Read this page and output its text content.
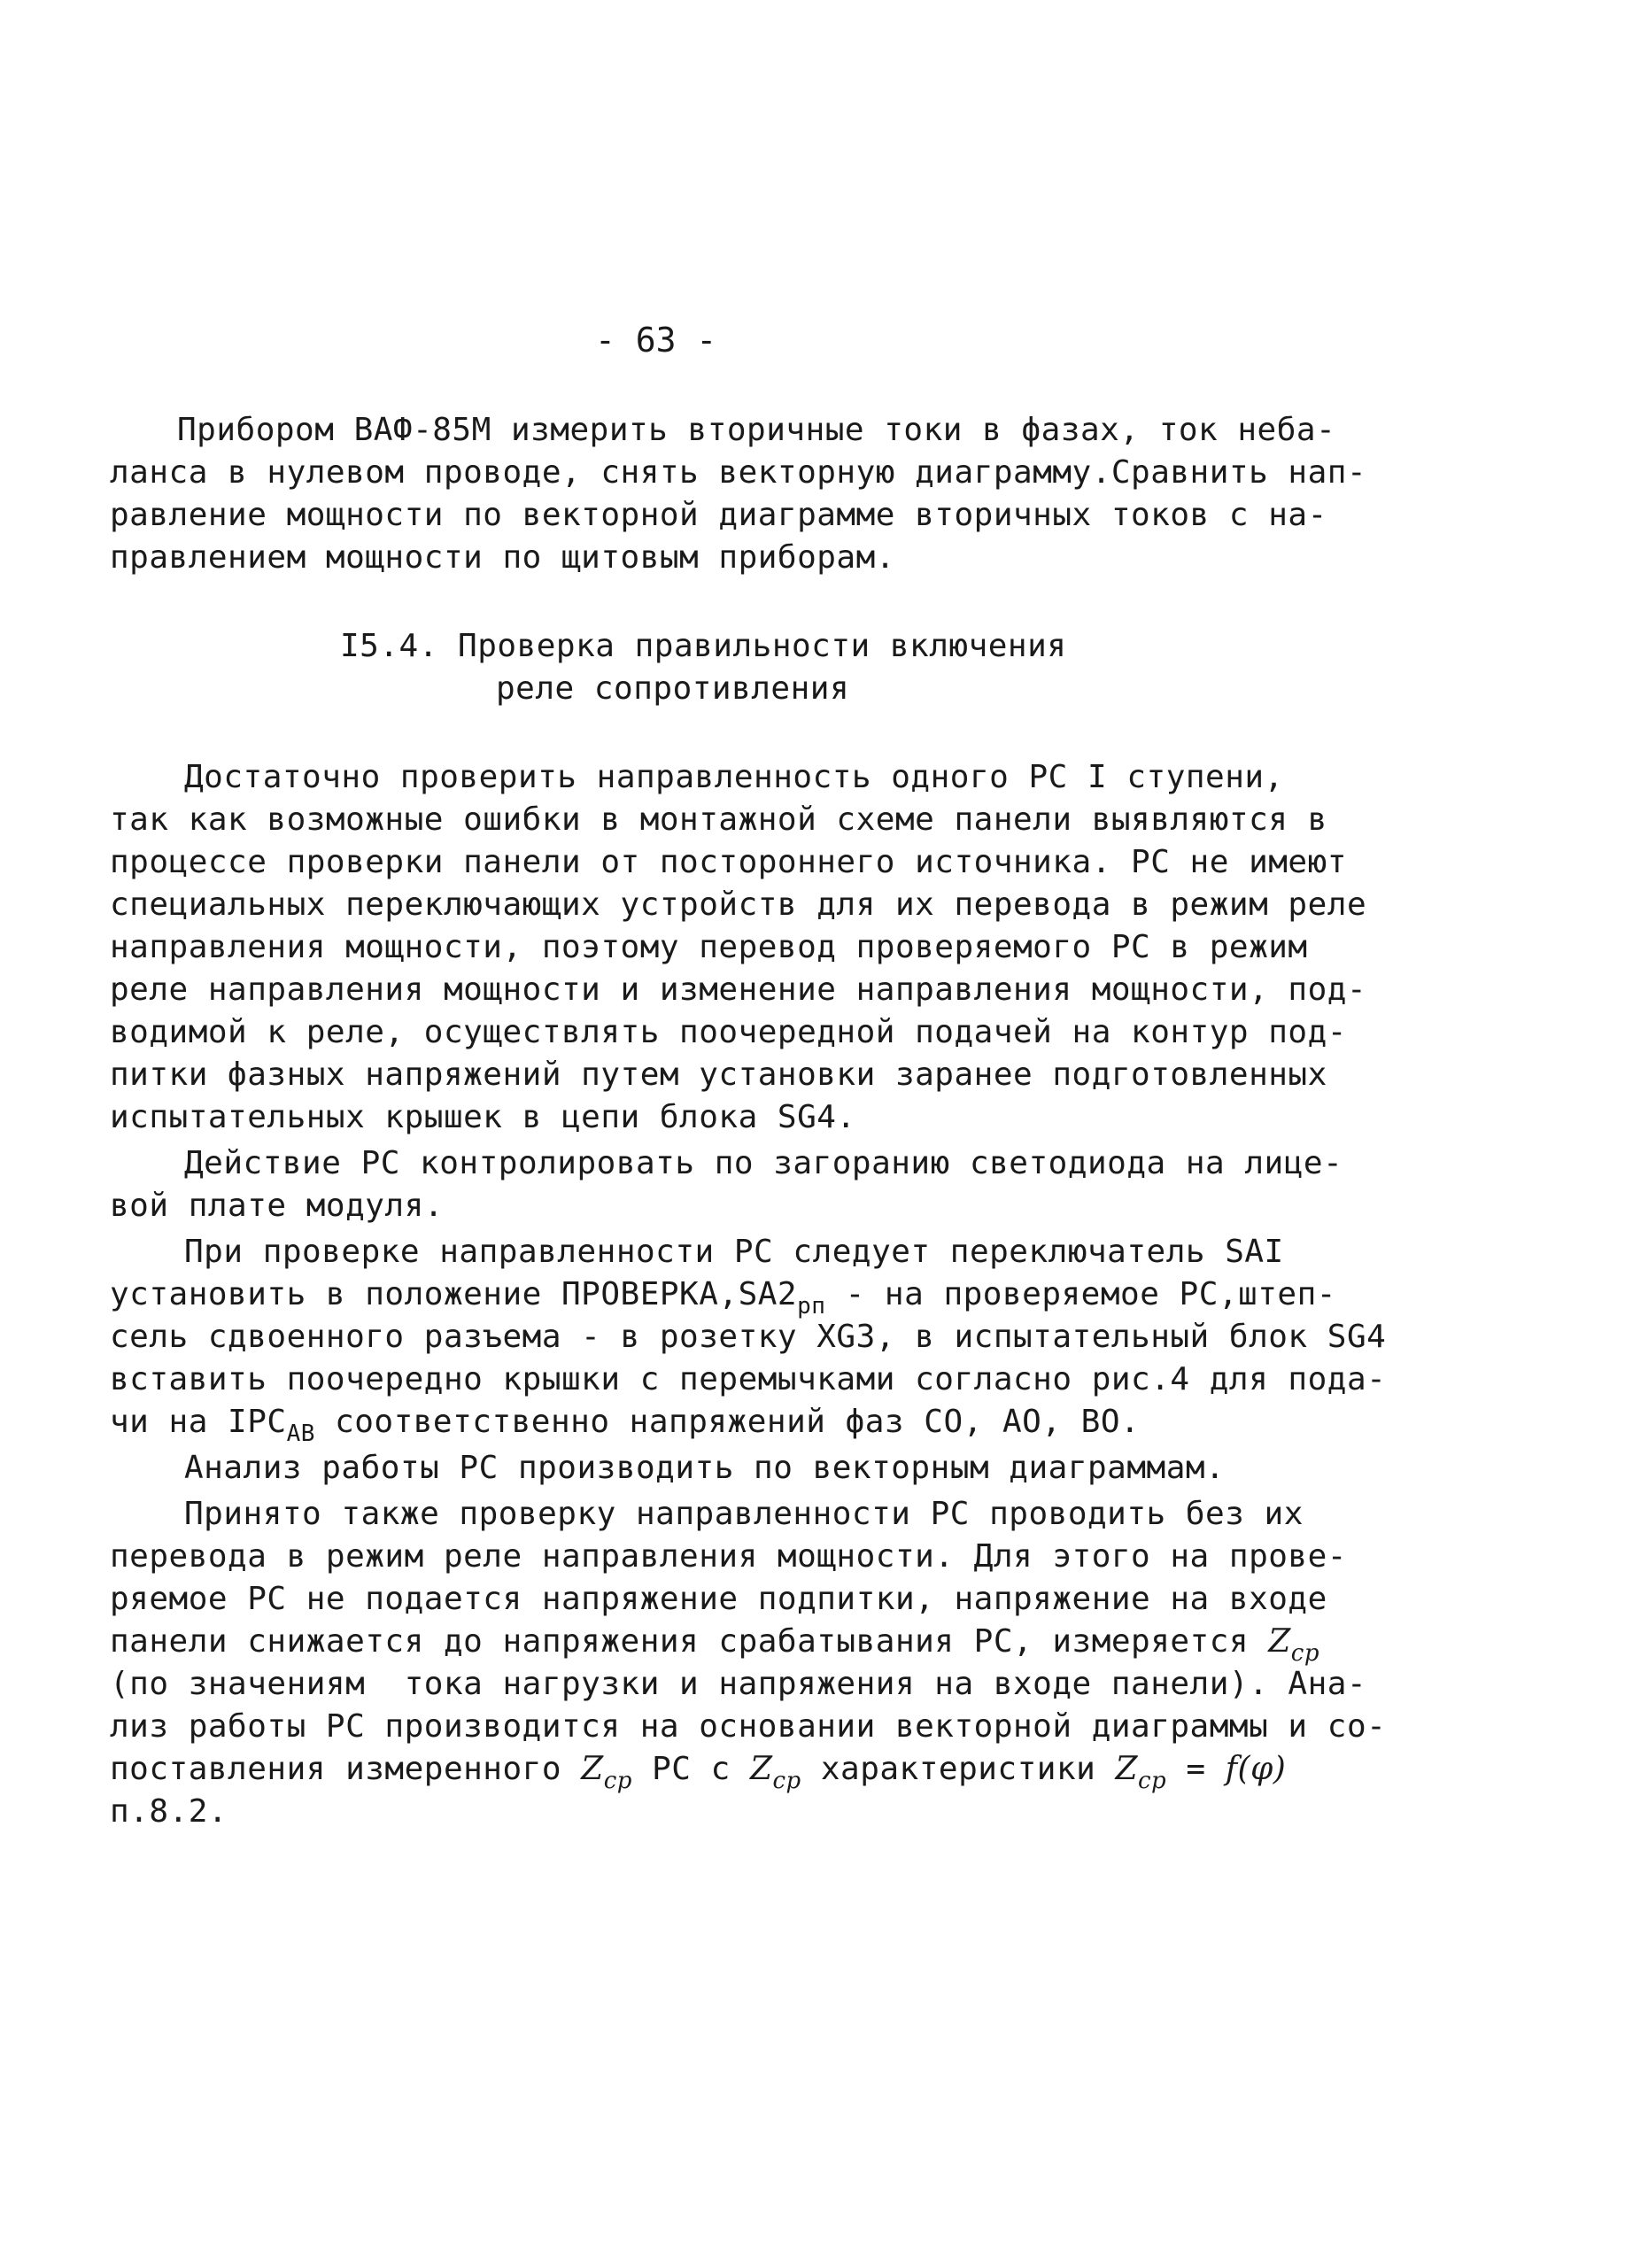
- 63 -
Прибором ВАФ-85М измерить вторичные токи в фазах, ток неба-
ланса в нулевом проводе, снять векторную диаграмму.Сравнить нап-
равление мощности по векторной диаграмме вторичных токов с на-
правлением мощности по щитовым приборам.
I5.4. Проверка правильности включения
реле сопротивления
Достаточно проверить направленность одного РС I ступени,
так как возможные ошибки в монтажной схеме панели выявляются в
процессе проверки панели от постороннего источника. РС не имеют
специальных переключающих устройств для их перевода в режим реле
направления мощности, поэтому перевод проверяемого РС в режим
реле направления мощности и изменение направления мощности, под-
водимой к реле, осуществлять поочередной подачей на контур под-
питки фазных напряжений путем установки заранее подготовленных
испытательных крышек в цепи блока SG4.
Действие РС контролировать по загоранию светодиода на лице-
вой плате модуля.
При проверке направленности РС следует переключатель SAI
установить в положение $ПРОВЕРКА,SA2_{рп}$ - на проверяемое РС,штеп-
сель сдвоенного разъема - в розетку XG3, в испытательный блок SG4
вставить поочередно крышки с перемычками согласно рис.4 для пода-
чи на $IPC_{АВ}$ соответственно напряжений фаз СО, АО, ВО.
Анализ работы РС производить по векторным диаграммам.
Принято также проверку направленности РС проводить без их
перевода в режим реле направления мощности. Для этого на прове-
ряемое РС не подается напряжение подпитки, напряжение на входе
панели снижается до напряжения срабатывания РС, измеряется $Z_{ср}$
(по значениям  тока нагрузки и напряжения на входе панели). Ана-
лиз работы РС производится на основании векторной диаграммы и со-
поставления измеренного $Z_{ср}$ РС с $Z_{ср}$ характеристики $Z_{ср} = f(\varphi)$
п.8.2.
